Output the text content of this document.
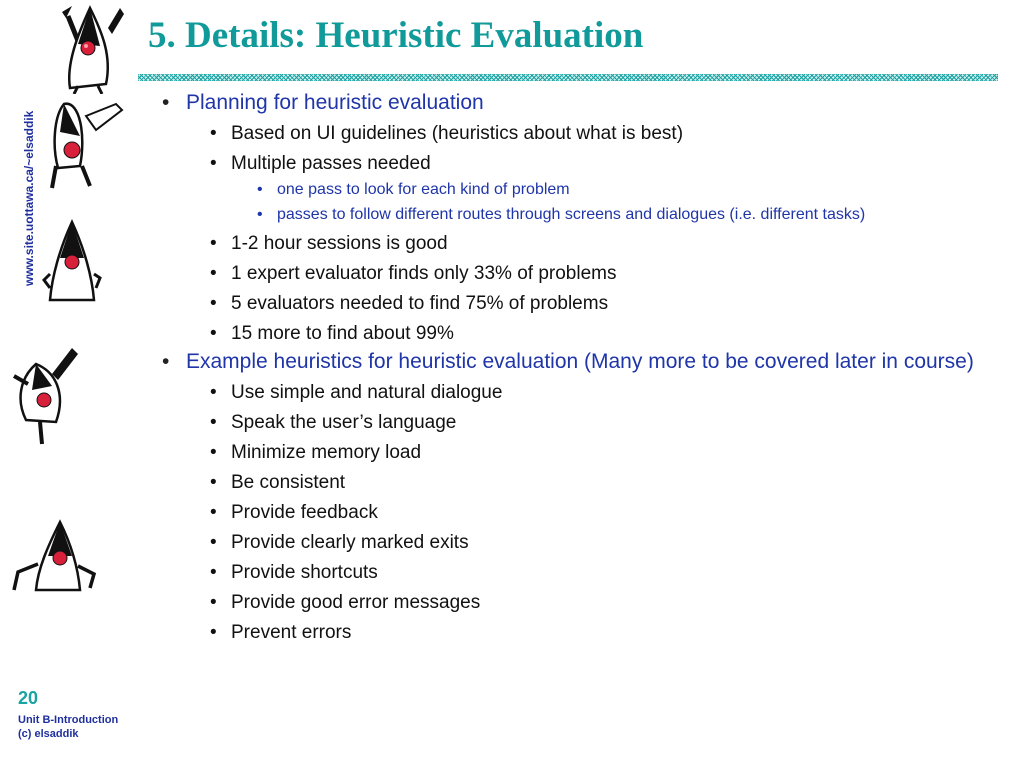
5. Details: Heuristic Evaluation
www.site.uottawa.ca/~elsaddik
• Planning for heuristic evaluation
• Based on UI guidelines (heuristics about what is best)
• Multiple passes needed
• one pass to look for each kind of problem
• passes to follow different routes through screens and dialogues (i.e. different tasks)
• 1-2 hour sessions is good
• 1 expert evaluator finds only 33% of problems
• 5 evaluators needed to find 75% of problems
• 15 more to find about 99%
• Example heuristics for heuristic evaluation (Many more to be covered later in course)
• Use simple and natural dialogue
• Speak the user’s language
• Minimize memory load
• Be consistent
• Provide feedback
• Provide clearly marked exits
• Provide shortcuts
• Provide good error messages
• Prevent errors
20
Unit B-Introduction
(c) elsaddik
